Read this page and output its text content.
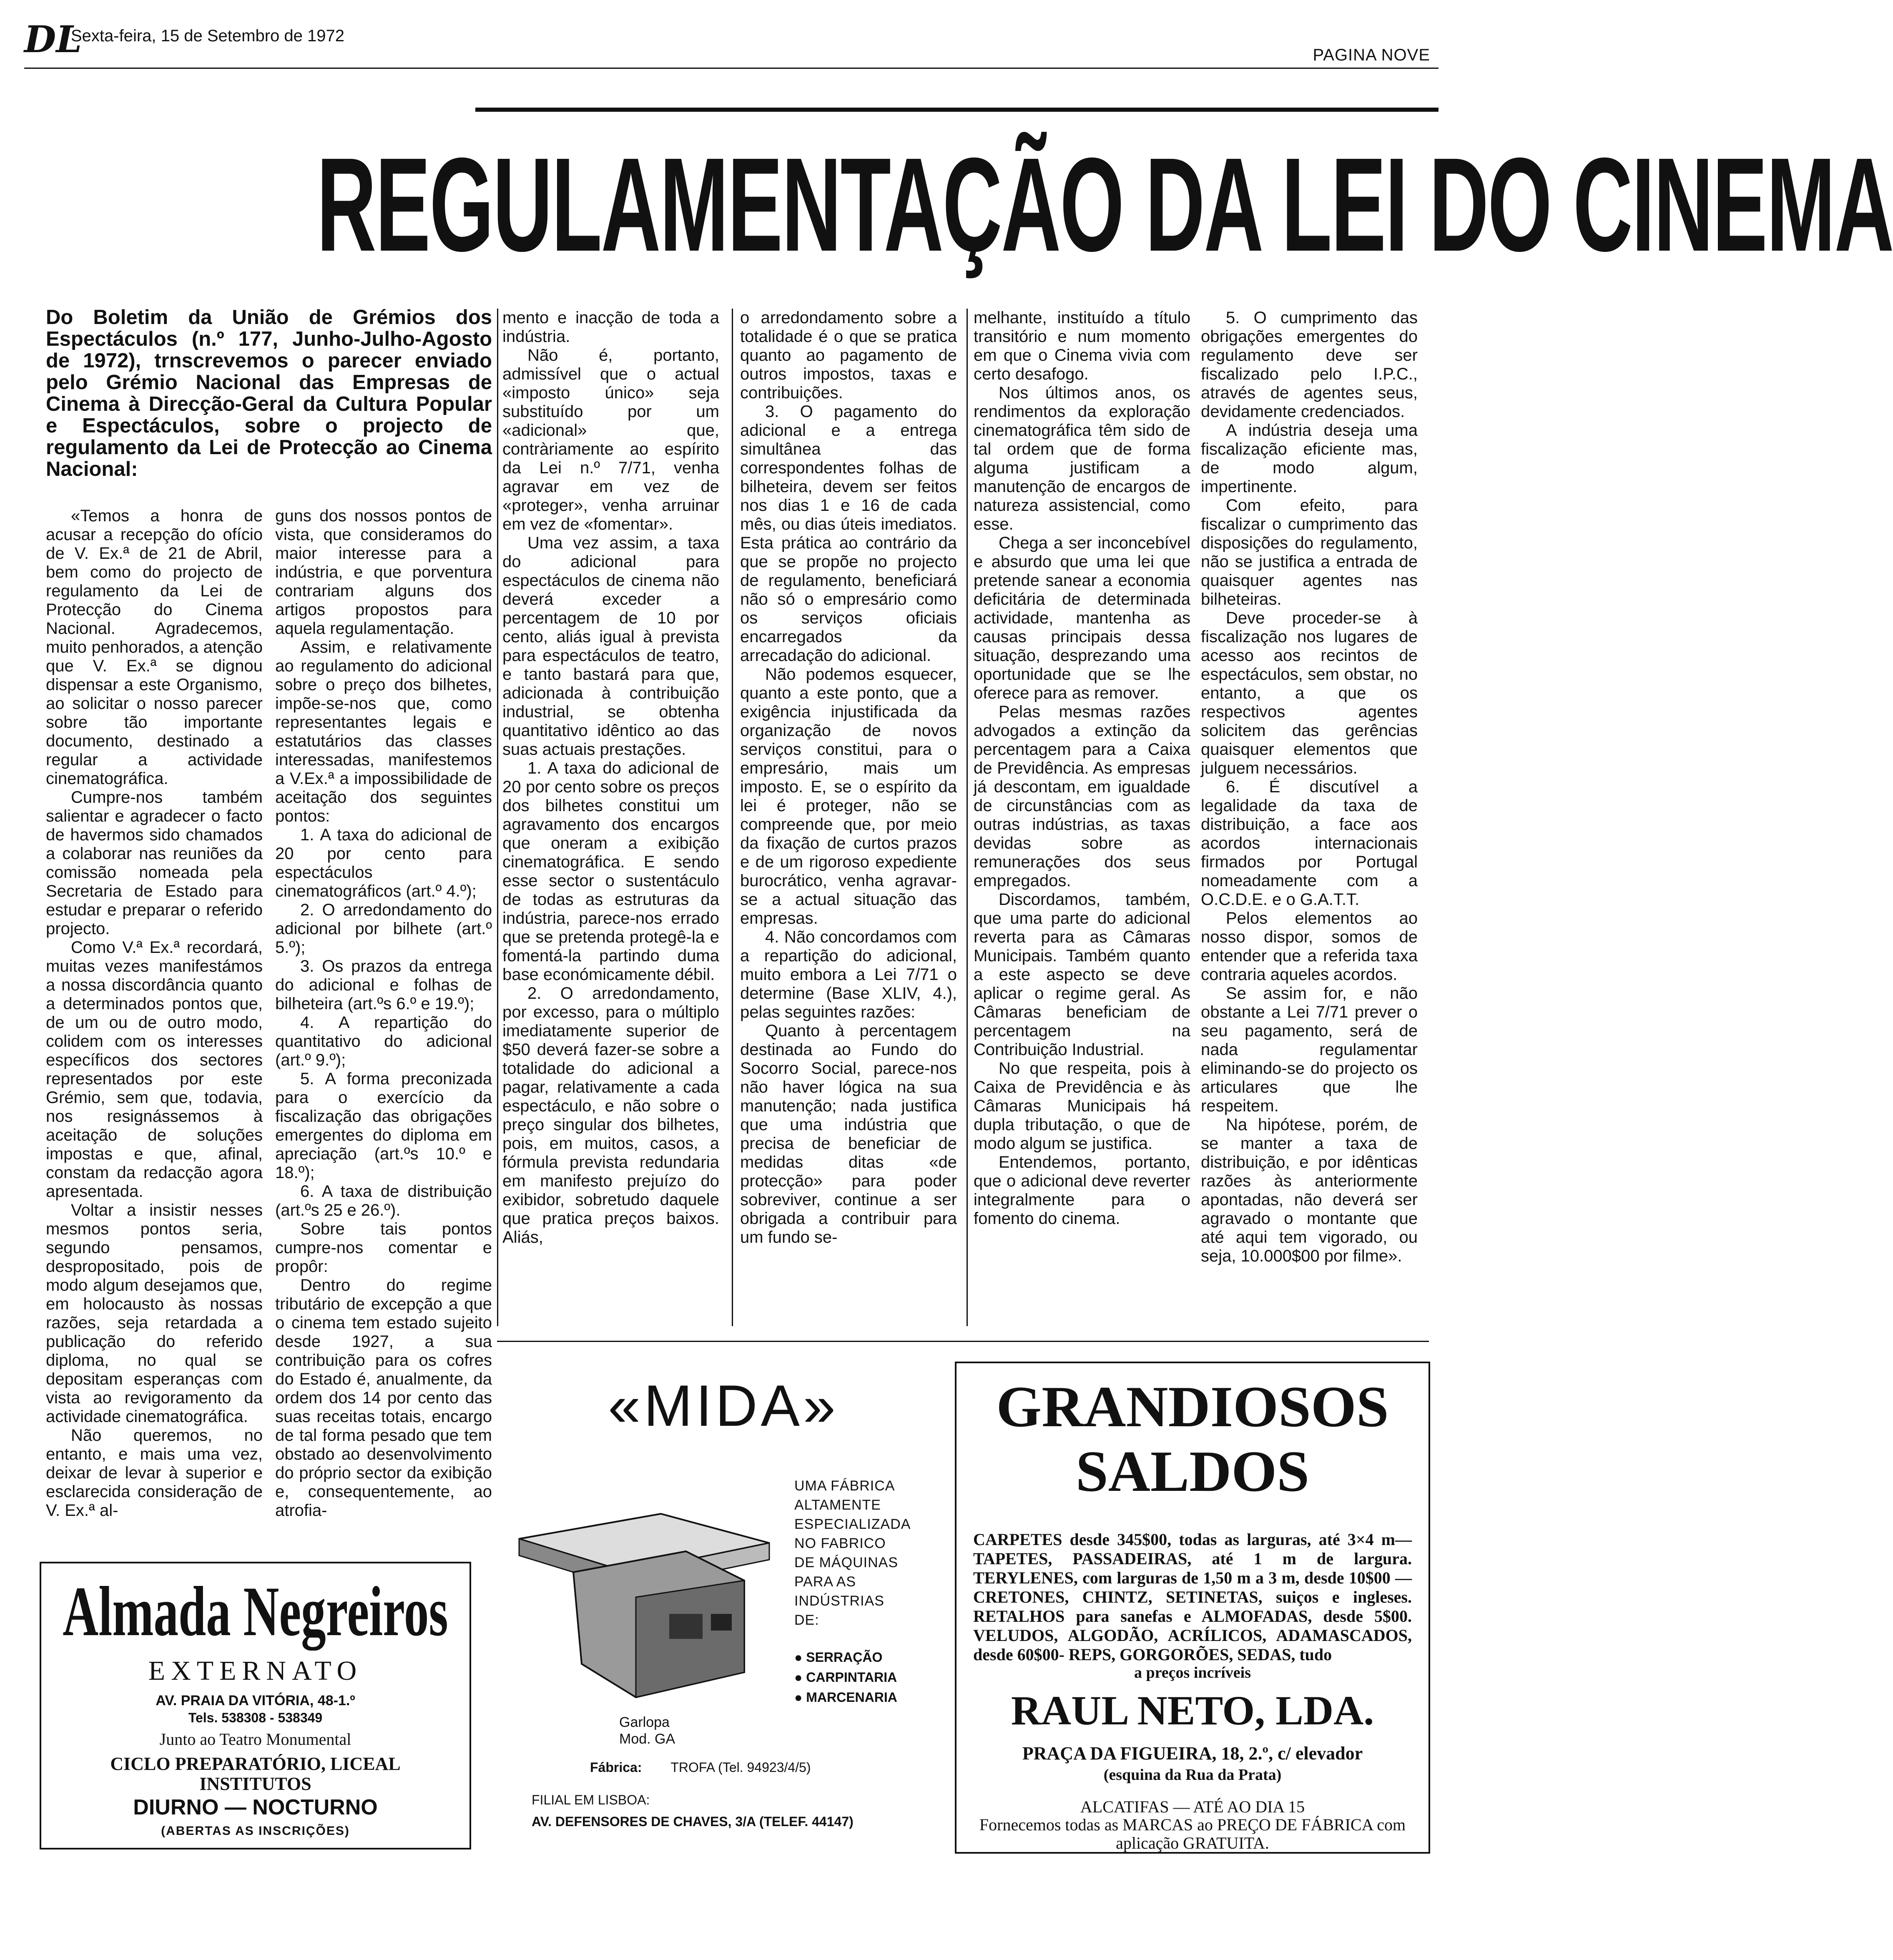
DL
Sexta-feira, 15 de Setembro de 1972
PAGINA NOVE
REGULAMENTAÇÃO DA LEI DO CINEMA
Do Boletim da União de Grémios dos Espectáculos (n.º 177, Junho-Julho-Agosto de 1972), trnscrevemos o parecer enviado pelo Grémio Nacional das Empresas de Cinema à Direcção-Geral da Cultura Popular e Espectáculos, sobre o projecto de regulamento da Lei de Protecção ao Cinema Nacional:

«Temos a honra de acusar a recepção do ofício de V. Ex.ª de 21 de Abril, bem como do projecto de regulamento da Lei de Protecção do Cinema Nacional. Agradecemos, muito penhorados, a atenção que V. Ex.ª se dignou dispensar a este Organismo, ao solicitar o nosso parecer sobre tão importante documento, destinado a regular a actividade cinematográfica.

Cumpre-nos também salientar e agradecer o facto de havermos sido chamados a colaborar nas reuniões da comissão nomeada pela Secretaria de Estado para estudar e preparar o referido projecto.

Como V.ª Ex.ª recordará, muitas vezes manifestámos a nossa discordância quanto a determinados pontos que, de um ou de outro modo, colidem com os interesses específicos dos sectores representados por este Grémio, sem que, todavia, nos resignássemos à aceitação de soluções impostas e que, afinal, constam da redacção agora apresentada.

Voltar a insistir nesses mesmos pontos seria, segundo pensamos, despropositado, pois de modo algum desejamos que, em holocausto às nossas razões, seja retardada a publicação do referido diploma, no qual se depositam esperanças com vista ao revigoramento da actividade cinematográfica.

Não queremos, no entanto, e mais uma vez, deixar de levar à superior e esclarecida consideração de V. Ex.ª al-

guns dos nossos pontos de vista, que consideramos do maior interesse para a indústria, e que porventura contrariam alguns dos artigos propostos para aquela regulamentação.

Assim, e relativamente ao regulamento do adicional sobre o preço dos bilhetes, impõe-se-nos que, como representantes legais e estatutários das classes interessadas, manifestemos a V.Ex.ª a impossibilidade de aceitação dos seguintes pontos:

1. A taxa do adicional de 20 por cento para espectáculos cinematográficos (art.º 4.º);

2. O arredondamento do adicional por bilhete (art.º 5.º);

3. Os prazos da entrega do adicional e folhas de bilheteira (art.ºs 6.º e 19.º);

4. A repartição do quantitativo do adicional (art.º 9.º);

5. A forma preconizada para o exercício da fiscalização das obrigações emergentes do diploma em apreciação (art.ºs 10.º e 18.º);

6. A taxa de distribuição (art.ºs 25 e 26.º).

Sobre tais pontos cumpre-nos comentar e propôr:

Dentro do regime tributário de excepção a que o cinema tem estado sujeito desde 1927, a sua contribuição para os cofres do Estado é, anualmente, da ordem dos 14 por cento das suas receitas totais, encargo de tal forma pesado que tem obstado ao desenvolvimento do próprio sector da exibição e, consequentemente, ao atrofia-

mento e inacção de toda a indústria.

Não é, portanto, admissível que o actual «imposto único» seja substituído por um «adicional» que, contràriamente ao espírito da Lei n.º 7/71, venha agravar em vez de «proteger», venha arruinar em vez de «fomentar».

Uma vez assim, a taxa do adicional para espectáculos de cinema não deverá exceder a percentagem de 10 por cento, aliás igual à prevista para espectáculos de teatro, e tanto bastará para que, adicionada à contribuição industrial, se obtenha quantitativo idêntico ao das suas actuais prestações.

1. A taxa do adicional de 20 por cento sobre os preços dos bilhetes constitui um agravamento dos encargos que oneram a exibição cinematográfica. E sendo esse sector o sustentáculo de todas as estruturas da indústria, parece-nos errado que se pretenda protegê-la e fomentá-la partindo duma base económicamente débil.

2. O arredondamento, por excesso, para o múltiplo imediatamente superior de $50 deverá fazer-se sobre a totalidade do adicional a pagar, relativamente a cada espectáculo, e não sobre o preço singular dos bilhetes, pois, em muitos, casos, a fórmula prevista redundaria em manifesto prejuízo do exibidor, sobretudo daquele que pratica preços baixos. Aliás,

o arredondamento sobre a totalidade é o que se pratica quanto ao pagamento de outros impostos, taxas e contribuições.

3. O pagamento do adicional e a entrega simultânea das correspondentes folhas de bilheteira, devem ser feitos nos dias 1 e 16 de cada mês, ou dias úteis imediatos. Esta prática ao contrário da que se propõe no projecto de regulamento, beneficiará não só o empresário como os serviços oficiais encarregados da arrecadação do adicional.

Não podemos esquecer, quanto a este ponto, que a exigência injustificada da organização de novos serviços constitui, para o empresário, mais um imposto. E, se o espírito da lei é proteger, não se compreende que, por meio da fixação de curtos prazos e de um rigoroso expediente burocrático, venha agravar-se a actual situação das empresas.

4. Não concordamos com a repartição do adicional, muito embora a Lei 7/71 o determine (Base XLIV, 4.), pelas seguintes razões:

Quanto à percentagem destinada ao Fundo do Socorro Social, parece-nos não haver lógica na sua manutenção; nada justifica que uma indústria que precisa de beneficiar de medidas ditas «de protecção» para poder sobreviver, continue a ser obrigada a contribuir para um fundo se-

melhante, instituído a título transitório e num momento em que o Cinema vivia com certo desafogo.

Nos últimos anos, os rendimentos da exploração cinematográfica têm sido de tal ordem que de forma alguma justificam a manutenção de encargos de natureza assistencial, como esse.

Chega a ser inconcebível e absurdo que uma lei que pretende sanear a economia deficitária de determinada actividade, mantenha as causas principais dessa situação, desprezando uma oportunidade que se lhe oferece para as remover.

Pelas mesmas razões advogados a extinção da percentagem para a Caixa de Previdência. As empresas já descontam, em igualdade de circunstâncias com as outras indústrias, as taxas devidas sobre as remunerações dos seus empregados.

Discordamos, também, que uma parte do adicional reverta para as Câmaras Municipais. Também quanto a este aspecto se deve aplicar o regime geral. As Câmaras beneficiam de percentagem na Contribuição Industrial.

No que respeita, pois à Caixa de Previdência e às Câmaras Municipais há dupla tributação, o que de modo algum se justifica.

Entendemos, portanto, que o adicional deve reverter integralmente para o fomento do cinema.

5. O cumprimento das obrigações emergentes do regulamento deve ser fiscalizado pelo I.P.C., através de agentes seus, devidamente credenciados.

A indústria deseja uma fiscalização eficiente mas, de modo algum, impertinente.

Com efeito, para fiscalizar o cumprimento das disposições do regulamento, não se justifica a entrada de quaisquer agentes nas bilheteiras.

Deve proceder-se à fiscalização nos lugares de acesso aos recintos de espectáculos, sem obstar, no entanto, a que os respectivos agentes solicitem das gerências quaisquer elementos que julguem necessários.

6. É discutível a legalidade da taxa de distribuição, a face aos acordos internacionais firmados por Portugal nomeadamente com a O.C.D.E. e o G.A.T.T.

Pelos elementos ao nosso dispor, somos de entender que a referida taxa contraria aqueles acordos.

Se assim for, e não obstante a Lei 7/71 prever o seu pagamento, será de nada regulamentar eliminando-se do projecto os articulares que lhe respeitem.

Na hipótese, porém, de se manter a taxa de distribuição, e por idênticas razões às anteriormente apontadas, não deverá ser agravado o montante que até aqui tem vigorado, ou seja, 10.000$00 por filme».

«MIDA»
Garlopa
Mod. GA
UMA FÁBRICA
ALTAMENTE
ESPECIALIZADA
NO FABRICO
DE MÁQUINAS
PARA AS
INDÚSTRIAS
DE:
● SERRAÇÃO
● CARPINTARIA
● MARCENARIA
Fábrica: TROFA (Tel. 94923/4/5)
FILIAL EM LISBOA:
AV. DEFENSORES DE CHAVES, 3/A (TELEF. 44147)
Almada Negreiros
EXTERNATO
AV. PRAIA DA VITÓRIA, 48-1.º
Tels. 538308 - 538349
Junto ao Teatro Monumental
CICLO PREPARATÓRIO, LICEAL
INSTITUTOS
DIURNO — NOCTURNO
(ABERTAS AS INSCRIÇÕES)
GRANDIOSOS
SALDOS
CARPETES desde 345$00, todas as larguras, até 3×4 m—TAPETES, PASSADEIRAS, até 1 m de largura. TERYLENES, com larguras de 1,50 m a 3 m, desde 10$00 — CRETONES, CHINTZ, SETINETAS, suiços e ingleses. RETALHOS para sanefas e ALMOFADAS, desde 5$00. VELUDOS, ALGODÃO, ACRÍLICOS, ADAMASCADOS, desde 60$00- REPS, GORGORÕES, SEDAS, tudo
a preços incríveis
RAUL NETO, LDA.
PRAÇA DA FIGUEIRA, 18, 2.º, c/ elevador
(esquina da Rua da Prata)
ALCATIFAS — ATÉ AO DIA 15
Fornecemos todas as MARCAS ao PREÇO DE FÁBRICA com aplicação GRATUITA.
